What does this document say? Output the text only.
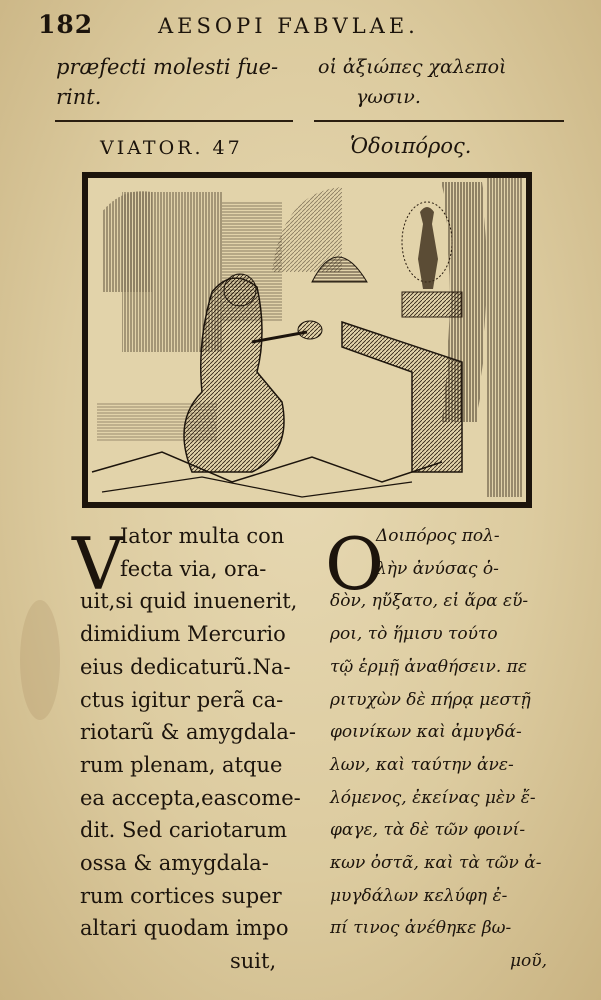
182	AESOPI FABVLAE.
præfecti molesti fue-
rint.
οἱ ἀξιώπες χαλεποὶ
γωσιν.
VIATOR. 47	Ὁδοιπόρος.
V
Iator multa con
fecta via, ora-
uit,si quid inuenerit,
dimidium Mercurio
eius dedicaturũ.Na-
ctus igitur perã ca-
riotarũ & amygdala-
rum plenam, atque
ea accepta,eascome-
dit. Sed cariotarum
ossa & amygdala-
rum cortices super
altari quodam impo
suit,
Ο
Δοιπόρος πολ-
λὴν ἀνύσας ὁ-
δὸν, ηὔξατο, εἰ ἄρα εὕ-
ροι, τὸ ἥμισυ τούτο
τῷ ἑρμῇ ἀναθήσειν. πε
ριτυχὼν δὲ πήρᾳ μεστῇ
φοινίκων καὶ ἀμυγδά-
λων, καὶ ταύτην ἀνε-
λόμενος, ἐκείνας μὲν ἔ-
φαγε, τὰ δὲ τῶν φοινί-
κων ὀστᾶ, καὶ τὰ τῶν ἀ-
μυγδάλων κελύφη ἐ-
πί τινος ἀνέθηκε βω-
μοῦ,
